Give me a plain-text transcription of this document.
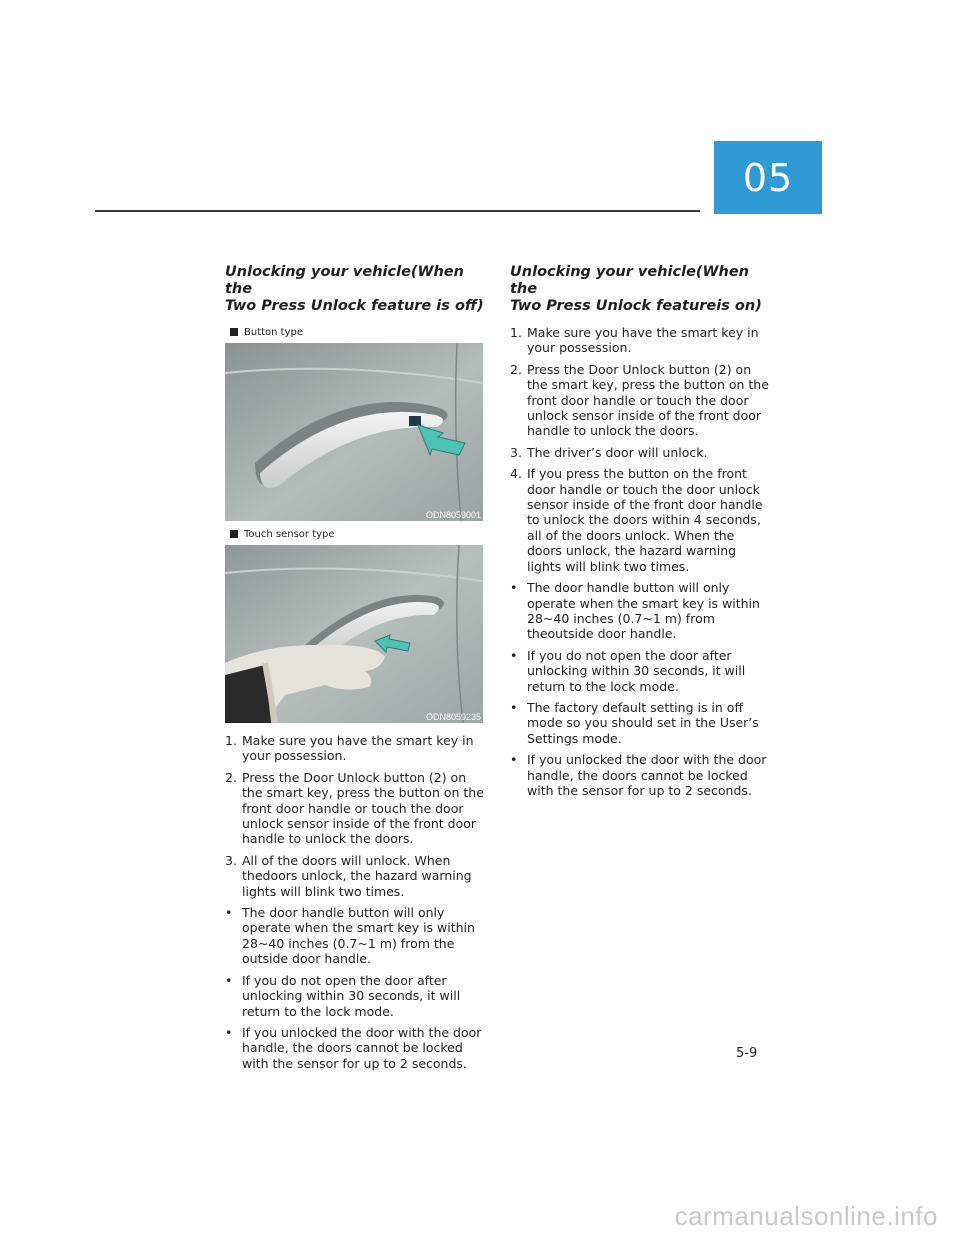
05
Unlocking your vehicle(When the
Two Press Unlock feature is off)
Button type
ODN8059001
Touch sensor type
ODN8059235
1. Make sure you have the smart key in your possession.
2. Press the Door Unlock button (2) on the smart key, press the button on the front door handle or touch the door unlock sensor inside of the front door handle to unlock the doors.
3. All of the doors will unlock. When thedoors unlock, the hazard warning lights will blink two times.
• The door handle button will only operate when the smart key is within 28~40 inches (0.7~1 m) from the outside door handle.
• If you do not open the door after unlocking within 30 seconds, it will return to the lock mode.
• If you unlocked the door with the door handle, the doors cannot be locked with the sensor for up to 2 seconds.
Unlocking your vehicle(When the
Two Press Unlock featureis on)
1. Make sure you have the smart key in your possession.
2. Press the Door Unlock button (2) on the smart key, press the button on the front door handle or touch the door unlock sensor inside of the front door handle to unlock the doors.
3. The driver’s door will unlock.
4. If you press the button on the front door handle or touch the door unlock sensor inside of the front door handle to unlock the doors within 4 seconds, all of the doors unlock. When the doors unlock, the hazard warning lights will blink two times.
• The door handle button will only operate when the smart key is within 28~40 inches (0.7~1 m) from theoutside door handle.
• If you do not open the door after unlocking within 30 seconds, it will return to the lock mode.
• The factory default setting is in off mode so you should set in the User’s Settings mode.
• If you unlocked the door with the door handle, the doors cannot be locked with the sensor for up to 2 seconds.
5-9
carmanualsonline.info
